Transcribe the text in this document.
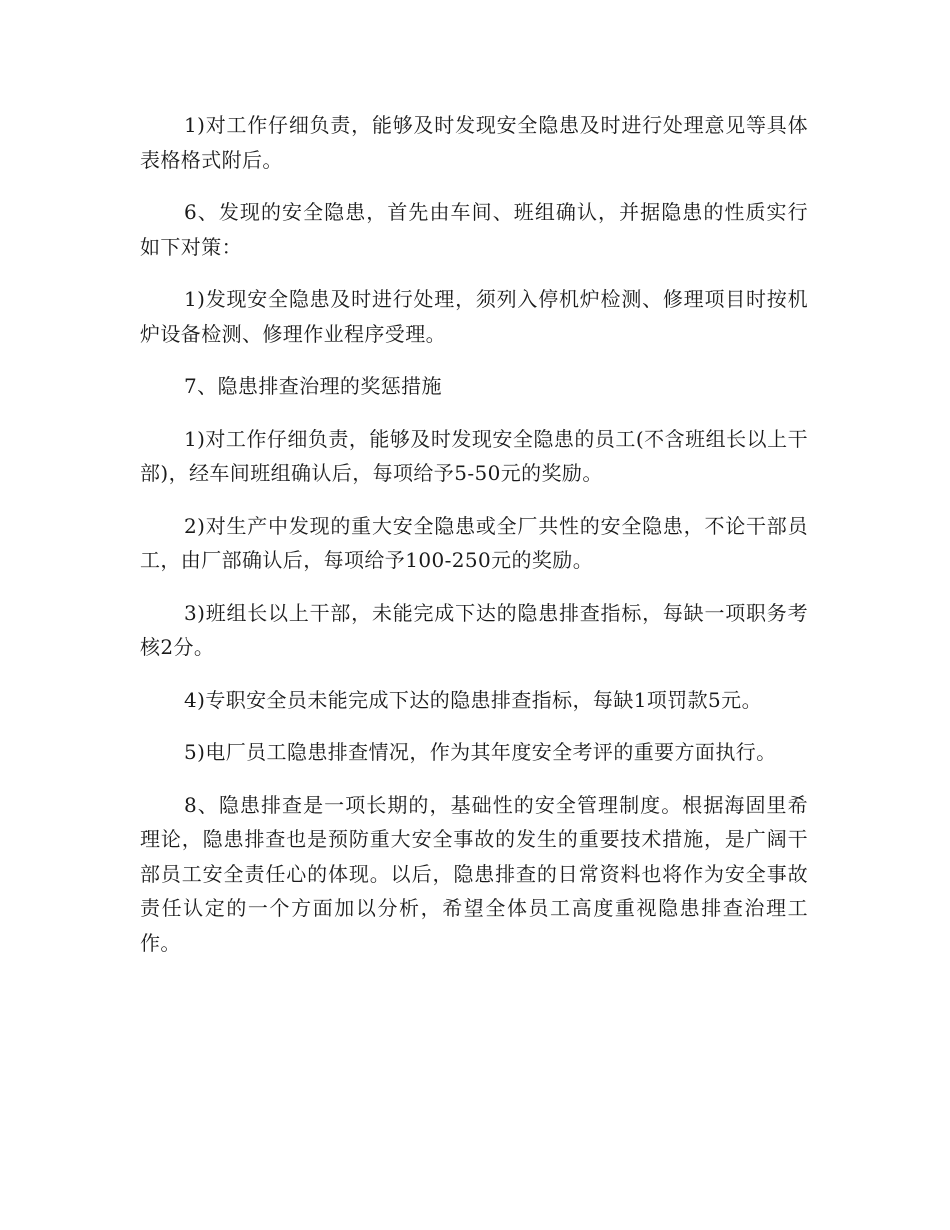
1)对工作仔细负责，能够及时发现安全隐患及时进行处理意见等具体表格格式附后。

6、发现的安全隐患，首先由车间、班组确认，并据隐患的性质实行如下对策：

1)发现安全隐患及时进行处理，须列入停机炉检测、修理项目时按机炉设备检测、修理作业程序受理。

7、隐患排查治理的奖惩措施

1)对工作仔细负责，能够及时发现安全隐患的员工(不含班组长以上干部)，经车间班组确认后，每项给予5-50元的奖励。

2)对生产中发现的重大安全隐患或全厂共性的安全隐患，不论干部员工，由厂部确认后，每项给予100-250元的奖励。

3)班组长以上干部，未能完成下达的隐患排查指标，每缺一项职务考核2分。

4)专职安全员未能完成下达的隐患排查指标，每缺1项罚款5元。

5)电厂员工隐患排查情况，作为其年度安全考评的重要方面执行。

8、隐患排查是一项长期的，基础性的安全管理制度。根据海固里希理论，隐患排查也是预防重大安全事故的发生的重要技术措施，是广阔干部员工安全责任心的体现。以后，隐患排查的日常资料也将作为安全事故责任认定的一个方面加以分析，希望全体员工高度重视隐患排查治理工作。
